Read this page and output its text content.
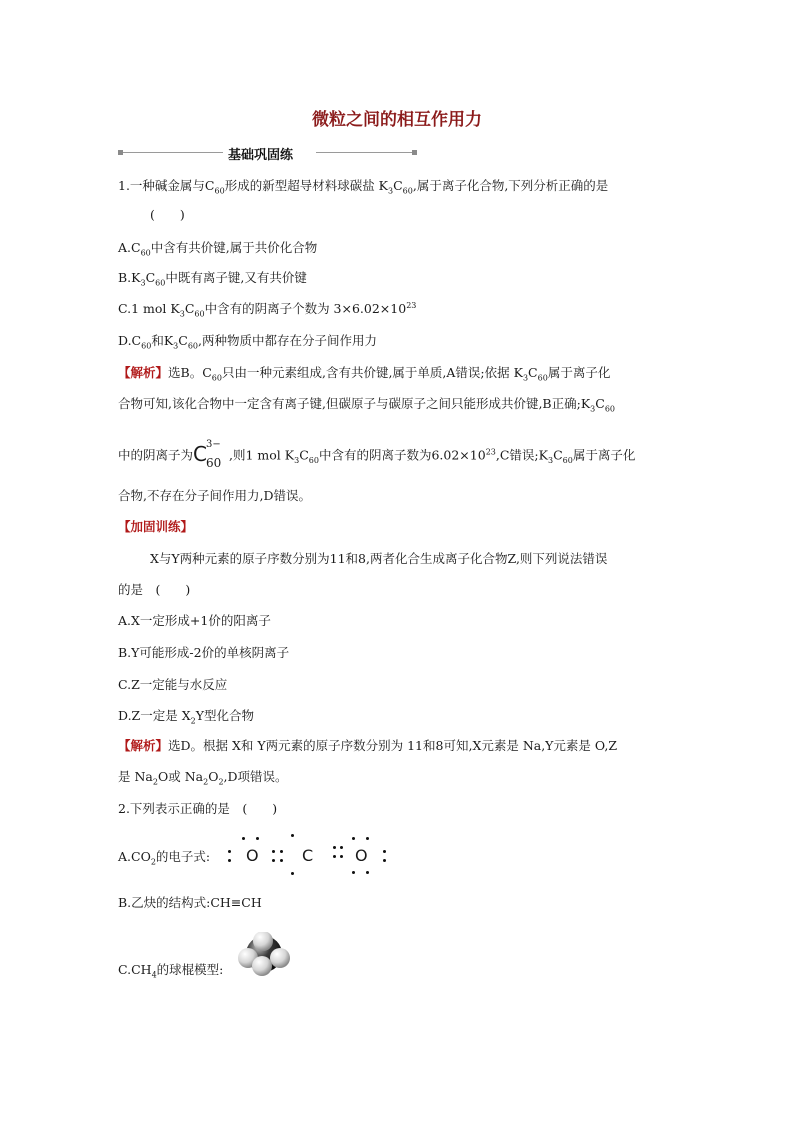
微粒之间的相互作用力
基础巩固练
1.一种碱金属与$C_{60}$形成的新型超导材料球碳盐 $K_3C_{60}$,属于离子化合物,下列分析正确的是
(　　)
$A.C_{60}$中含有共价键,属于共价化合物
$B.K_3C_{60}$中既有离子键,又有共价键
C.1 mol $K_3C_{60}$中含有的阴离子个数为 $3\times 6.02\times 10^{23}$
$D.C_{60}$和$K_3C_{60}$,两种物质中都存在分子间作用力
【解析】选B。$C_{60}$只由一种元素组成,含有共价键,属于单质,A错误;依据 $K_3C_{60}$属于离子化
合物可知,该化合物中一定含有离子键,但碳原子与碳原子之间只能形成共价键,B正确$;K_3C_{60}$
中的阴离子为 C 3−
60
,则1 mol $K_3C_{60}$中含有的阴离子数为$6.02\times 10^{23},C$错误$;K_3C_{60}$属于离子化
合物,不存在分子间作用力,D错误。
【加固训练】
X与Y两种元素的原子序数分别为11和8,两者化合生成离子化合物Z,则下列说法错误
的是　(　　)
A.X一定形成+1价的阳离子
B.Y可能形成-2价的单核阴离子
C.Z一定能与水反应
D.Z一定是 $X_2Y$型化合物
【解析】选D。根据 X和 Y两元素的原子序数分别为 11和8可知,X元素是 Na,Y元素是 O,Z
是 $Na_2O$或 $Na_2O_2,D$项错误。
2.下列表示正确的是　(　　)
$A.CO_2$的电子式: O	C	O
B.乙炔的结构式:CH≡CH
$C.CH_4$的球棍模型:
